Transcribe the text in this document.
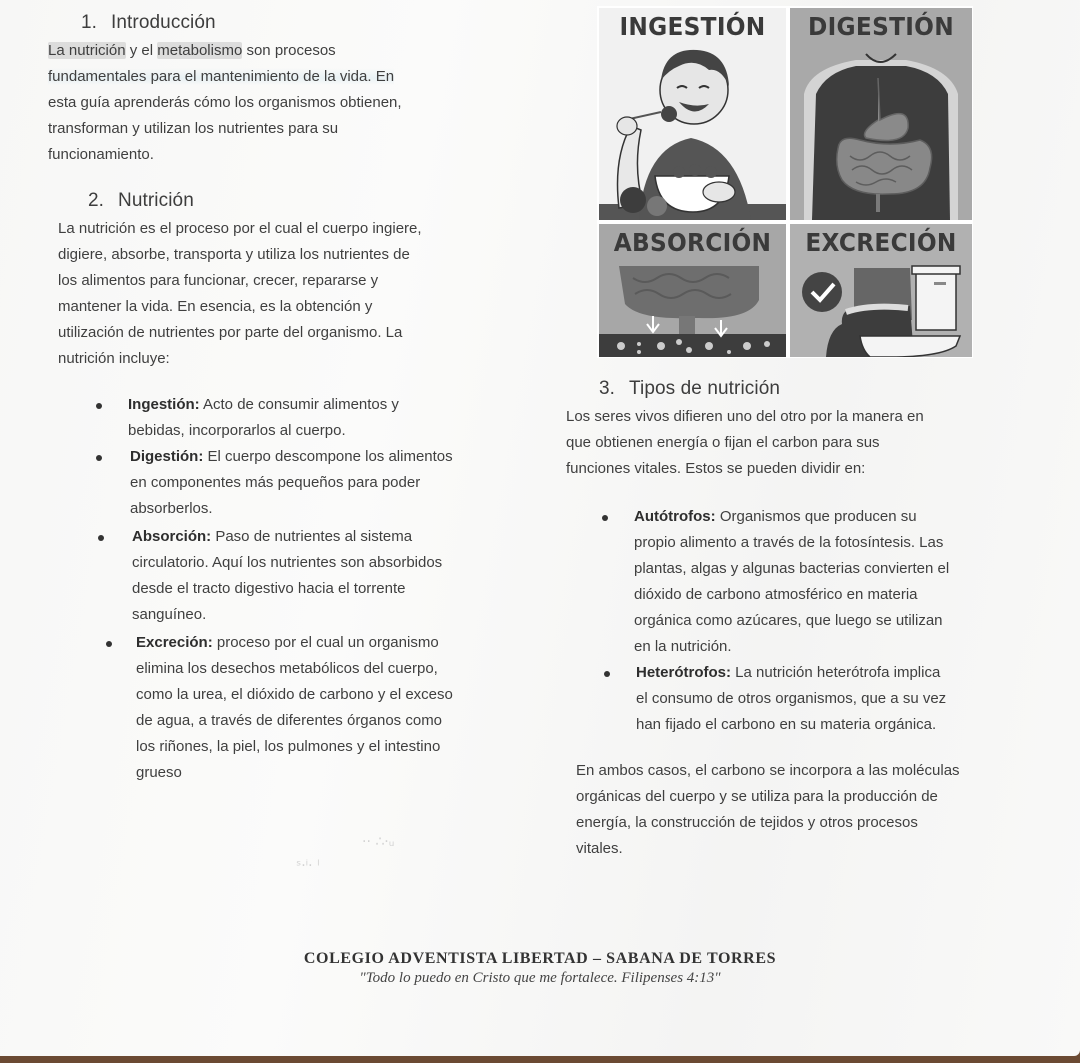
1. Introducción

La nutrición y el metabolismo son procesos
fundamentales para el mantenimiento de la vida. En
esta guía aprenderás cómo los organismos obtienen,
transforman y utilizan los nutrientes para su
funcionamiento.

2. Nutrición

La nutrición es el proceso por el cual el cuerpo ingiere,
digiere, absorbe, transporta y utiliza los nutrientes de
los alimentos para funcionar, crecer, repararse y
mantener la vida. En esencia, es la obtención y
utilización de nutrientes por parte del organismo. La
nutrición incluye:

Ingestión: Acto de consumir alimentos y
bebidas, incorporarlos al cuerpo.
Digestión: El cuerpo descompone los alimentos
en componentes más pequeños para poder
absorberlos.
Absorción: Paso de nutrientes al sistema
circulatorio. Aquí los nutrientes son absorbidos
desde el tracto digestivo hacia el torrente
sanguíneo.
Excreción: proceso por el cual un organismo
elimina los desechos metabólicos del cuerpo,
como la urea, el dióxido de carbono y el exceso
de agua, a través de diferentes órganos como
los riñones, la piel, los pulmones y el intestino
grueso
·· ∴·ᵤ
ˢ·ⁱ· ˡ
INGESTIÓN	DIGESTIÓN
ABSORCIÓN	EXCRECIÓN
3. Tipos de nutrición

Los seres vivos difieren uno del otro por la manera en
que obtienen energía o fijan el carbon para sus
funciones vitales. Estos se pueden dividir en:

Autótrofos: Organismos que producen su
propio alimento a través de la fotosíntesis. Las
plantas, algas y algunas bacterias convierten el
dióxido de carbono atmosférico en materia
orgánica como azúcares, que luego se utilizan
en la nutrición.
Heterótrofos: La nutrición heterótrofa implica
el consumo de otros organismos, que a su vez
han fijado el carbono en su materia orgánica.

En ambos casos, el carbono se incorpora a las moléculas
orgánicas del cuerpo y se utiliza para la producción de
energía, la construcción de tejidos y otros procesos
vitales.

COLEGIO ADVENTISTA LIBERTAD – SABANA DE TORRES
"Todo lo puedo en Cristo que me fortalece. Filipenses 4:13"
